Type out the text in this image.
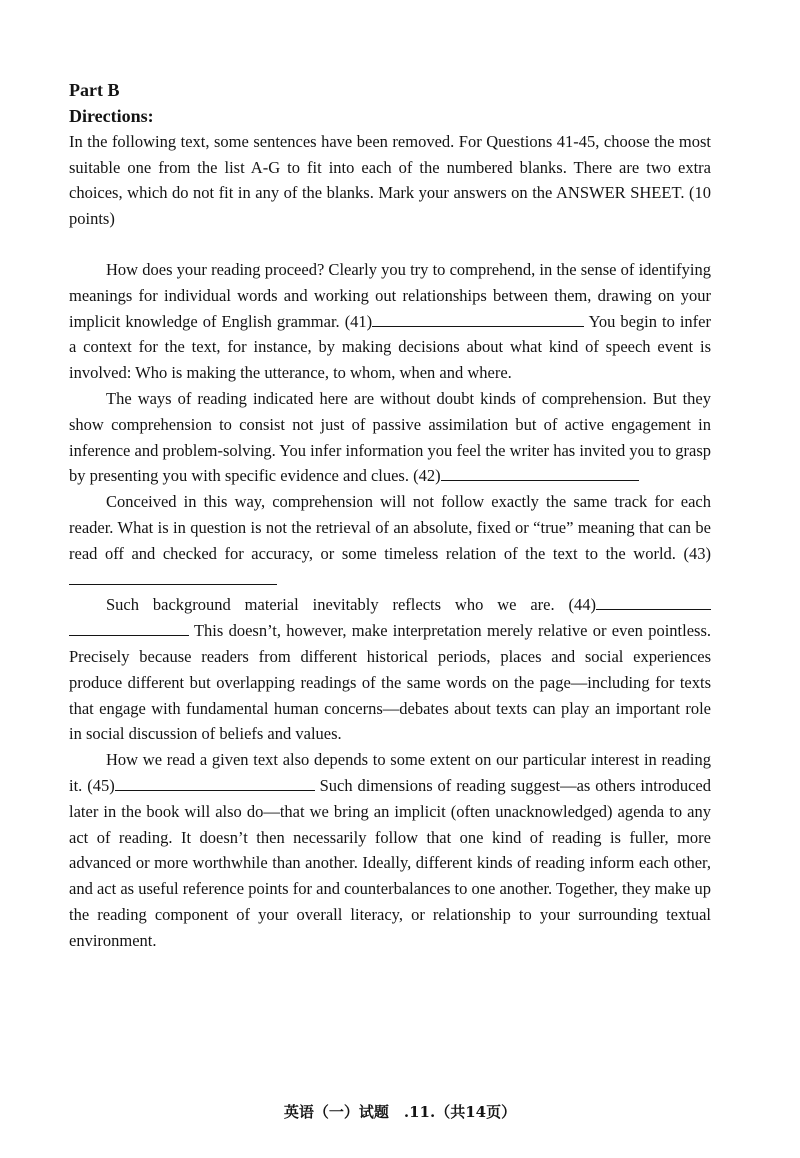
Part B
Directions:
In the following text, some sentences have been removed. For Questions 41-45, choose the most suitable one from the list A-G to fit into each of the numbered blanks. There are two extra choices, which do not fit in any of the blanks. Mark your answers on the ANSWER SHEET. (10 points)

How does your reading proceed? Clearly you try to comprehend, in the sense of identifying meanings for individual words and working out relationships between them, drawing on your implicit knowledge of English grammar. (41)	You begin to infer a context for the text, for instance, by making decisions about what kind of speech event is involved: Who is making the utterance, to whom, when and where.

The ways of reading indicated here are without doubt kinds of comprehension. But they show comprehension to consist not just of passive assimilation but of active engagement in inference and problem-solving. You infer information you feel the writer has invited you to grasp by presenting you with specific evidence and clues. (42)

Conceived in this way, comprehension will not follow exactly the same track for each reader. What is in question is not the retrieval of an absolute, fixed or “true” meaning that can be read off and checked for accuracy, or some timeless relation of the text to the world. (43)

Such background material inevitably reflects who we are. (44)  This doesn’t, however, make interpretation merely relative or even pointless. Precisely because readers from different historical periods, places and social experiences produce different but overlapping readings of the same words on the page—including for texts that engage with fundamental human concerns—debates about texts can play an important role in social discussion of beliefs and values.

How we read a given text also depends to some extent on our particular interest in reading it. (45)	Such dimensions of reading suggest—as others introduced later in the book will also do—that we bring an implicit (often unacknowledged) agenda to any act of reading. It doesn’t then necessarily follow that one kind of reading is fuller, more advanced or more worthwhile than another. Ideally, different kinds of reading inform each other, and act as useful reference points for and counterbalances to one another. Together, they make up the reading component of your overall literacy, or relationship to your surrounding textual environment.

英语（一）试题　.11.（共14页）
